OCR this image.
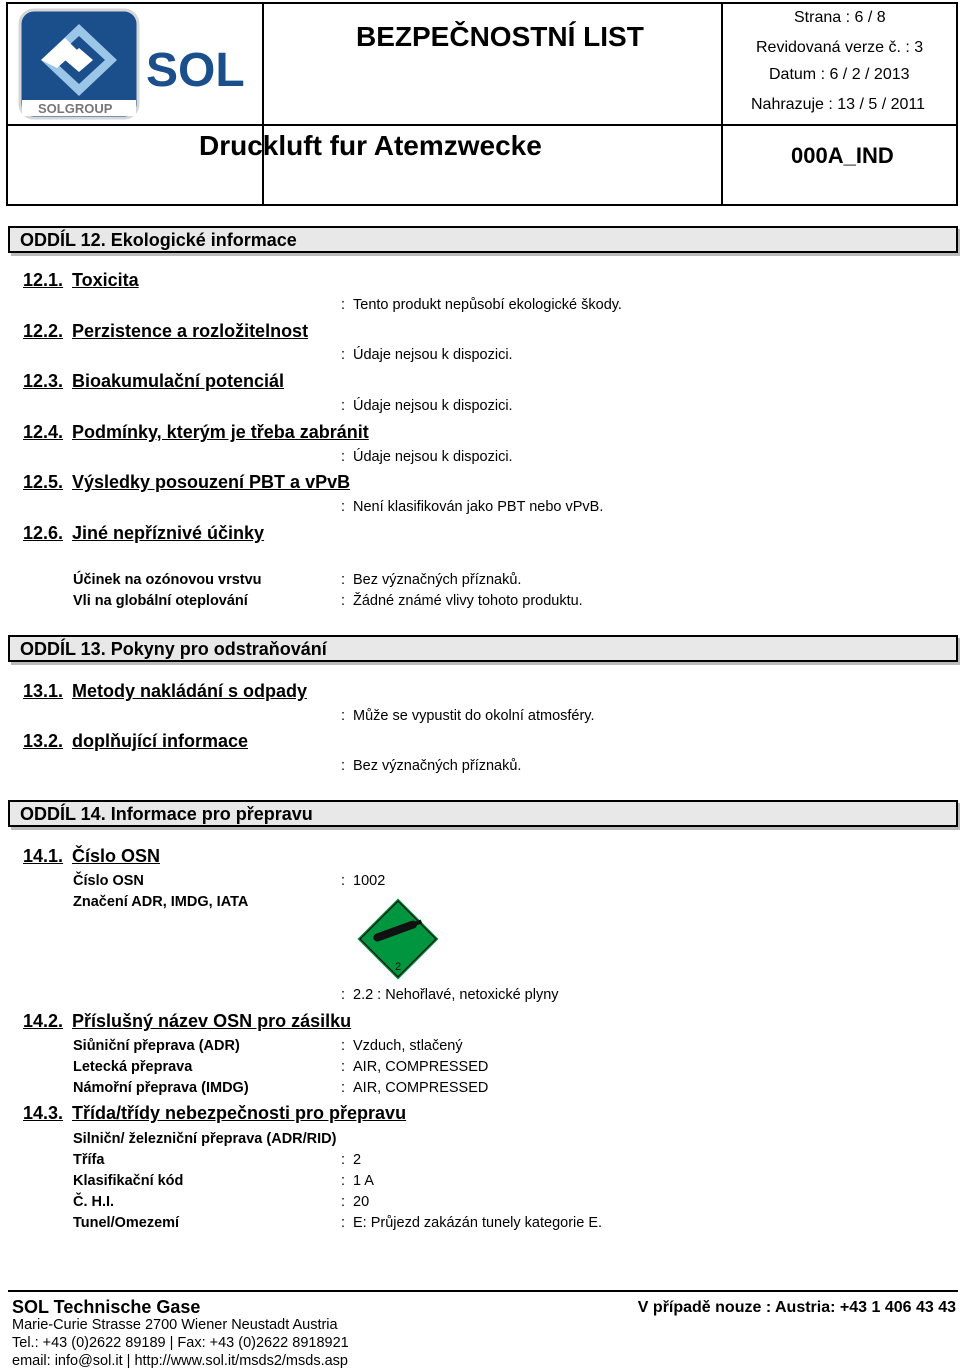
SOL
SOLGROUP
BEZPEČNOSTNÍ LIST
Strana : 6 / 8
Revidovaná verze č. : 3
Datum : 6 / 2 / 2013
Nahrazuje : 13 / 5 / 2011
Druckluft fur Atemzwecke	000A_IND
ODDÍL 12. Ekologické informace
12.1. Toxicita
: Tento produkt nepůsobí ekologické škody.
12.2. Perzistence a rozložitelnost
: Údaje nejsou k dispozici.
12.3. Bioakumulační potenciál
: Údaje nejsou k dispozici.
12.4. Podmínky, kterým je třeba zabránit
: Údaje nejsou k dispozici.
12.5. Výsledky posouzení PBT a vPvB
: Není klasifikován jako PBT nebo vPvB.
12.6. Jiné nepříznivé účinky
Účinek na ozónovou vrstvu	: Bez význačných příznaků.
Vli na globální oteplování	: Žádné známé vlivy tohoto produktu.
ODDÍL 13. Pokyny pro odstraňování
13.1. Metody nakládání s odpady
: Může se vypustit do okolní atmosféry.
13.2. doplňující informace
: Bez význačných příznaků.
ODDÍL 14. Informace pro přepravu
14.1. Číslo OSN
Číslo OSN	: 1002
Značení ADR, IMDG, IATA
2
: 2.2 : Nehořlavé, netoxické plyny
14.2. Příslušný název OSN pro zásilku
Siůniční přeprava (ADR)	: Vzduch, stlačený
Letecká přeprava	: AIR, COMPRESSED
Námořní přeprava (IMDG)	: AIR, COMPRESSED
14.3. Třída/třídy nebezpečnosti pro přepravu
Silničn/ železniční přeprava (ADR/RID)
Třífa	: 2
Klasifikační kód	: 1 A
Č. H.I.	: 20
Tunel/Omezemí	: E: Průjezd zakázán tunely kategorie E.
SOL Technische Gase	V případě nouze : Austria: +43 1 406 43 43
Marie-Curie Strasse 2700 Wiener Neustadt Austria
Tel.: +43 (0)2622 89189 | Fax: +43 (0)2622 8918921
email: info@sol.it | http://www.sol.it/msds2/msds.asp
